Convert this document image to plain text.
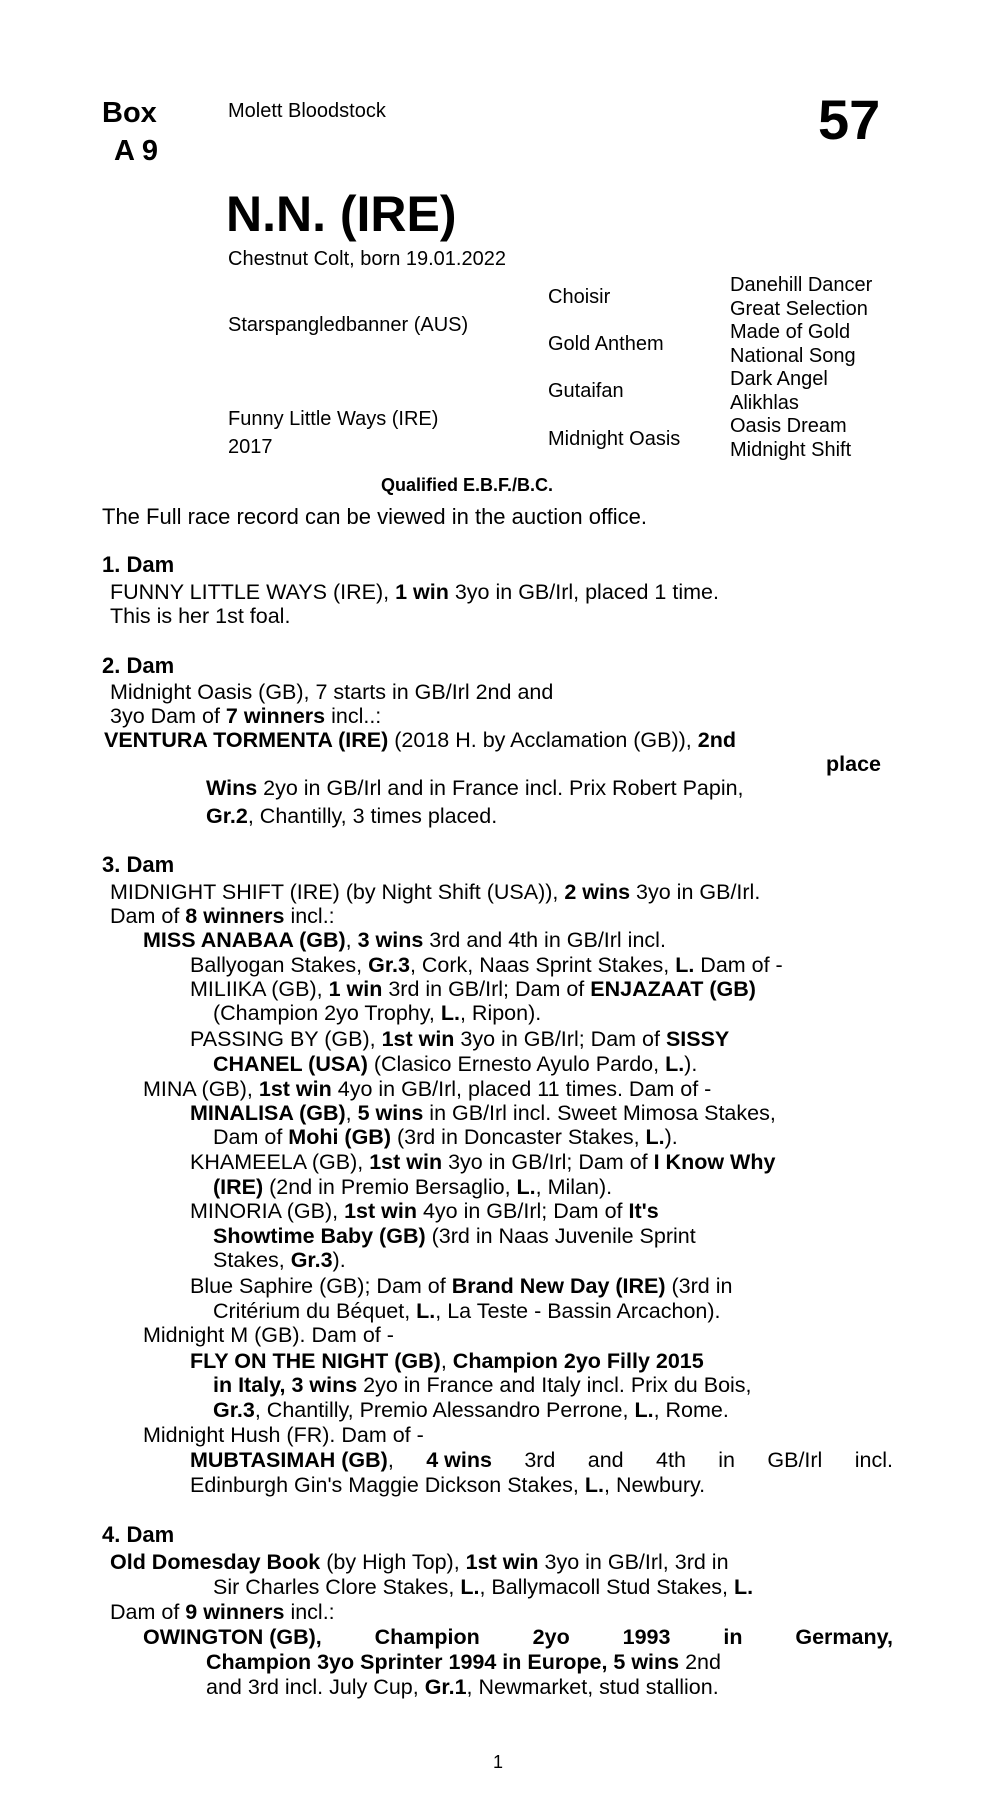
Box
A 9
Molett Bloodstock	57
N.N. (IRE)
Chestnut Colt, born 19.01.2022
Starspangledbanner (AUS)
Funny Little Ways (IRE)
2017
Choisir
Gold Anthem
Gutaifan
Midnight Oasis
Danehill Dancer
Great Selection
Made of Gold
National Song
Dark Angel
Alikhlas
Oasis Dream
Midnight Shift
Qualified E.B.F./B.C.
The Full race record can be viewed in the auction office.
1. Dam
FUNNY LITTLE WAYS (IRE), 1 win 3yo in GB/Irl, placed 1 time.
This is her 1st foal.
2. Dam
Midnight Oasis (GB), 7 starts in GB/Irl 2nd and
3yo Dam of 7 winners incl..:
VENTURA TORMENTA (IRE) (2018 H. by Acclamation (GB)), 2nd
place
Wins 2yo in GB/Irl and in France incl. Prix Robert Papin,
Gr.2, Chantilly, 3 times placed.
3. Dam
MIDNIGHT SHIFT (IRE) (by Night Shift (USA)), 2 wins 3yo in GB/Irl.
Dam of 8 winners incl.:
MISS ANABAA (GB), 3 wins 3rd and 4th in GB/Irl incl.
Ballyogan Stakes, Gr.3, Cork, Naas Sprint Stakes, L. Dam of -
MILIIKA (GB), 1 win 3rd in GB/Irl; Dam of ENJAZAAT (GB)
(Champion 2yo Trophy, L., Ripon).
PASSING BY (GB), 1st win 3yo in GB/Irl; Dam of SISSY
CHANEL (USA) (Clasico Ernesto Ayulo Pardo, L.).
MINA (GB), 1st win 4yo in GB/Irl, placed 11 times. Dam of -
MINALISA (GB), 5 wins in GB/Irl incl. Sweet Mimosa Stakes,
Dam of Mohi (GB) (3rd in Doncaster Stakes, L.).
KHAMEELA (GB), 1st win 3yo in GB/Irl; Dam of I Know Why
(IRE) (2nd in Premio Bersaglio, L., Milan).
MINORIA (GB), 1st win 4yo in GB/Irl; Dam of It's
Showtime Baby (GB) (3rd in Naas Juvenile Sprint
Stakes, Gr.3).
Blue Saphire (GB); Dam of Brand New Day (IRE) (3rd in
Critérium du Béquet, L., La Teste - Bassin Arcachon).
Midnight M (GB). Dam of -
FLY ON THE NIGHT (GB), Champion 2yo Filly 2015
in Italy, 3 wins 2yo in France and Italy incl. Prix du Bois,
Gr.3, Chantilly, Premio Alessandro Perrone, L., Rome.
Midnight Hush (FR). Dam of -
MUBTASIMAH (GB), 4 wins 3rd and 4th in GB/Irl incl.
Edinburgh Gin's Maggie Dickson Stakes, L., Newbury.
4. Dam
Old Domesday Book (by High Top), 1st win 3yo in GB/Irl, 3rd in
Sir Charles Clore Stakes, L., Ballymacoll Stud Stakes, L.
Dam of 9 winners incl.:
OWINGTON (GB), Champion 2yo 1993 in Germany,
Champion 3yo Sprinter 1994 in Europe, 5 wins 2nd
and 3rd incl. July Cup, Gr.1, Newmarket, stud stallion.
1
